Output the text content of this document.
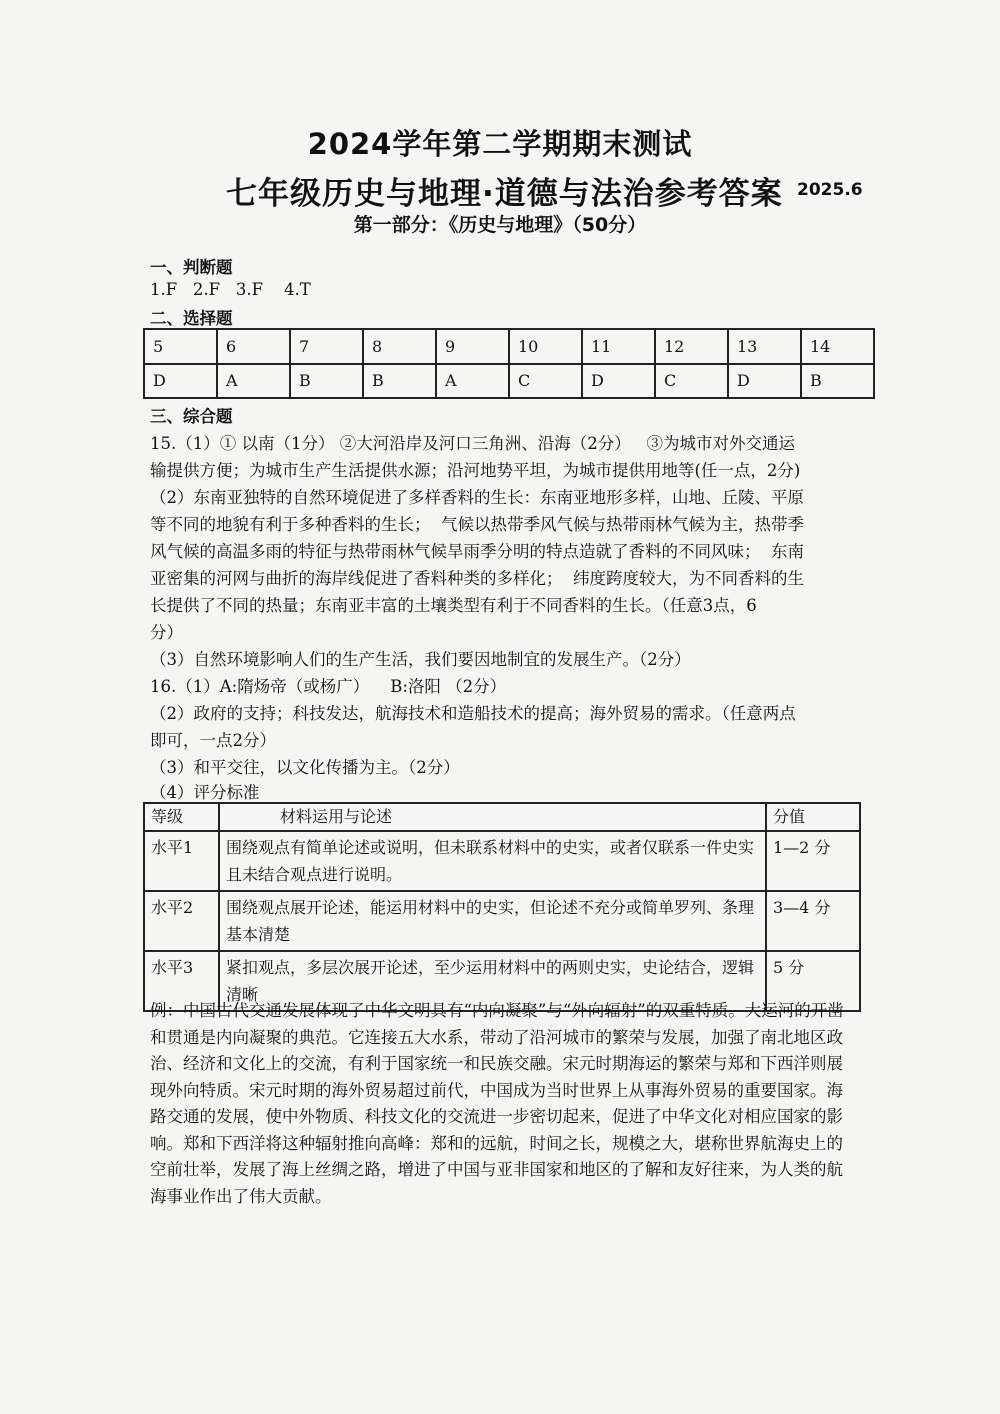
2024学年第二学期期末测试
七年级历史与地理·道德与法治参考答案 2025.6
第一部分：《历史与地理》（50分）
一、判断题
1.F   2.F   3.F    4.T
二、选择题
5	6	7	8	9	10	11	12	13	14
D	A	B	B	A	C	D	C	D	B
三、综合题
15.（1）① 以南（1分） ②大河沿岸及河口三角洲、沿海（2分）   ③为城市对外交通运
输提供方便；为城市生产生活提供水源；沿河地势平坦，为城市提供用地等(任一点，2分)
（2）东南亚独特的自然环境促进了多样香料的生长：东南亚地形多样，山地、丘陵、平原
等不同的地貌有利于多种香料的生长；  气候以热带季风气候与热带雨林气候为主，热带季
风气候的高温多雨的特征与热带雨林气候旱雨季分明的特点造就了香料的不同风味；  东南
亚密集的河网与曲折的海岸线促进了香料种类的多样化；  纬度跨度较大，为不同香料的生
长提供了不同的热量；东南亚丰富的土壤类型有利于不同香料的生长。（任意3点，6
分）
（3）自然环境影响人们的生产生活，我们要因地制宜的发展生产。（2分）
16.（1）A:隋炀帝（或杨广）    B:洛阳 （2分）
（2）政府的支持；科技发达，航海技术和造船技术的提高；海外贸易的需求。（任意两点
即可，一点2分）
（3）和平交往，以文化传播为主。（2分）
（4）评分标准
等级	材料运用与论述	分值
水平1	围绕观点有简单论述或说明，但未联系材料中的史实，或者仅联系一件史实且未结合观点进行说明。	1—2 分
水平2	围绕观点展开论述，能运用材料中的史实，但论述不充分或简单罗列、条理基本清楚	3—4 分
水平3	紧扣观点，多层次展开论述，至少运用材料中的两则史实，史论结合，逻辑清晰	5 分
例：中国古代交通发展体现了中华文明具有“内向凝聚”与“外向辐射”的双重特质。大运河的开凿和贯通是内向凝聚的典范。它连接五大水系，带动了沿河城市的繁荣与发展，加强了南北地区政治、经济和文化上的交流，有利于国家统一和民族交融。宋元时期海运的繁荣与郑和下西洋则展现外向特质。宋元时期的海外贸易超过前代，中国成为当时世界上从事海外贸易的重要国家。海路交通的发展，使中外物质、科技文化的交流进一步密切起来，促进了中华文化对相应国家的影响。郑和下西洋将这种辐射推向高峰：郑和的远航，时间之长，规模之大，堪称世界航海史上的空前壮举，发展了海上丝绸之路，增进了中国与亚非国家和地区的了解和友好往来，为人类的航海事业作出了伟大贡献。
